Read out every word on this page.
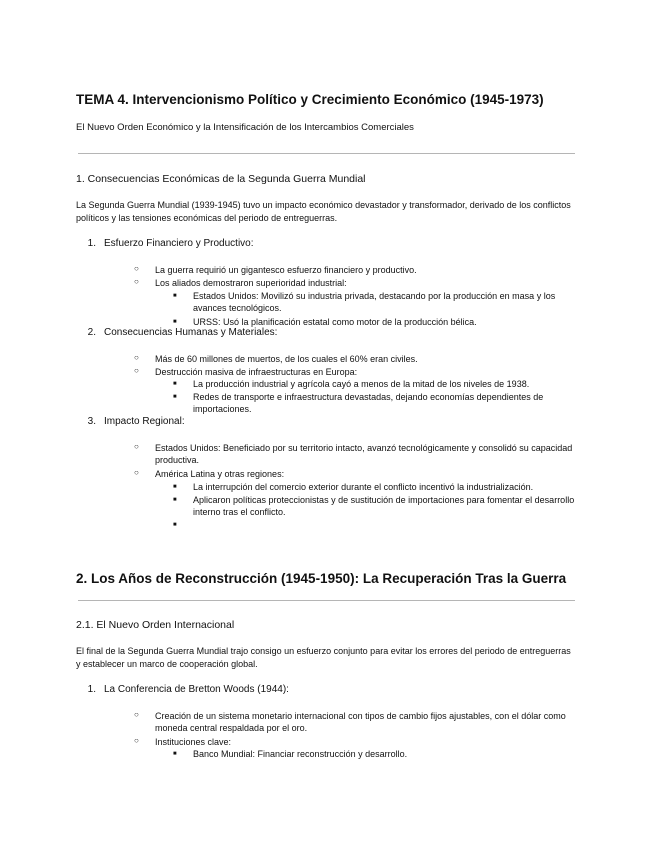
TEMA 4. Intervencionismo Político y Crecimiento Económico (1945-1973)
El Nuevo Orden Económico y la Intensificación de los Intercambios Comerciales
1. Consecuencias Económicas de la Segunda Guerra Mundial
La Segunda Guerra Mundial (1939-1945) tuvo un impacto económico devastador y transformador, derivado de los conflictos políticos y las tensiones económicas del periodo de entreguerras.
1. Esfuerzo Financiero y Productivo:
○ La guerra requirió un gigantesco esfuerzo financiero y productivo.
○ Los aliados demostraron superioridad industrial:
■ Estados Unidos: Movilizó su industria privada, destacando por la producción en masa y los avances tecnológicos.
■ URSS: Usó la planificación estatal como motor de la producción bélica.
2. Consecuencias Humanas y Materiales:
○ Más de 60 millones de muertos, de los cuales el 60% eran civiles.
○ Destrucción masiva de infraestructuras en Europa:
■ La producción industrial y agrícola cayó a menos de la mitad de los niveles de 1938.
■ Redes de transporte e infraestructura devastadas, dejando economías dependientes de importaciones.
3. Impacto Regional:
○ Estados Unidos: Beneficiado por su territorio intacto, avanzó tecnológicamente y consolidó su capacidad productiva.
○ América Latina y otras regiones:
■ La interrupción del comercio exterior durante el conflicto incentivó la industrialización.
■ Aplicaron políticas proteccionistas y de sustitución de importaciones para fomentar el desarrollo interno tras el conflicto.
■
2. Los Años de Reconstrucción (1945-1950): La Recuperación Tras la Guerra
2.1. El Nuevo Orden Internacional
El final de la Segunda Guerra Mundial trajo consigo un esfuerzo conjunto para evitar los errores del periodo de entreguerras y establecer un marco de cooperación global.
1. La Conferencia de Bretton Woods (1944):
○ Creación de un sistema monetario internacional con tipos de cambio fijos ajustables, con el dólar como moneda central respaldada por el oro.
○ Instituciones clave:
■ Banco Mundial: Financiar reconstrucción y desarrollo.
